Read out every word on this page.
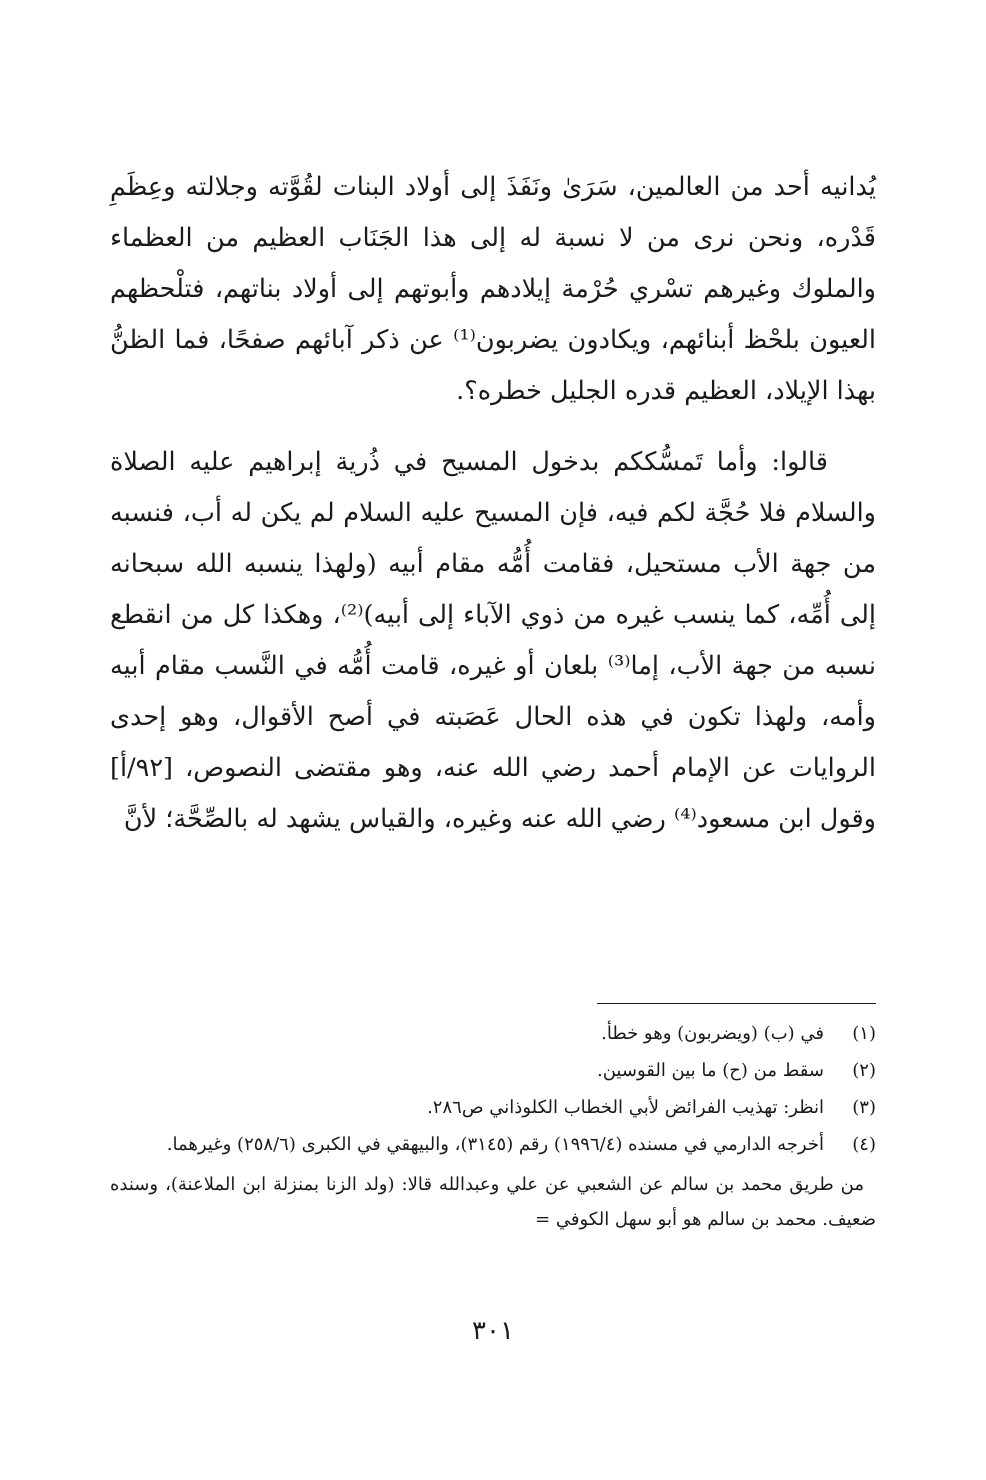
يُدانيه أحد من العالمين، سَرَىٰ ونَفَذَ إلى أولاد البنات لقُوَّته وجلالته وعِظَمِ قَدْره، ونحن نرى من لا نسبة له إلى هذا الجَنَاب العظيم من العظماء والملوك وغيرهم تسْري حُرْمة إيلادهم وأبوتهم إلى أولاد بناتهم، فتلْحظهم العيون بلحْظ أبنائهم، ويكادون يضربون⁽¹⁾ عن ذكر آبائهم صفحًا، فما الظنُّ بهذا الإيلاد، العظيم قدره الجليل خطره؟.

قالوا: وأما تَمسُّككم بدخول المسيح في ذُرية إبراهيم عليه الصلاة والسلام فلا حُجَّة لكم فيه، فإن المسيح عليه السلام لم يكن له أب، فنسبه من جهة الأب مستحيل، فقامت أُمُّه مقام أبيه (ولهذا ينسبه الله سبحانه إلى أُمِّه، كما ينسب غيره من ذوي الآباء إلى أبيه)⁽²⁾، وهكذا كل من انقطع نسبه من جهة الأب، إما⁽³⁾ بلعان أو غيره، قامت أُمُّه في النَّسب مقام أبيه وأمه، ولهذا تكون في هذه الحال عَصَبته في أصح الأقوال، وهو إحدى الروايات عن الإمام أحمد رضي الله عنه، وهو مقتضى النصوص، [٩٢/أ] وقول ابن مسعود⁽⁴⁾ رضي الله عنه وغيره، والقياس يشهد له بالصِّحَّة؛ لأنَّ

(١)
في (ب) (ويضربون) وهو خطأ.
(٢)
سقط من (ح) ما بين القوسين.
(٣)
انظر: تهذيب الفرائض لأبي الخطاب الكلوذاني ص٢٨٦.
(٤)
أخرجه الدارمي في مسنده (١٩٩٦/٤) رقم (٣١٤٥)، والبيهقي في الكبرى (٢٥٨/٦) وغيرهما.
من طريق محمد بن سالم عن الشعبي عن علي وعبدالله قالا: (ولد الزنا بمنزلة ابن الملاعنة)، وسنده ضعيف. محمد بن سالم هو أبو سهل الكوفي =
٣٠١
